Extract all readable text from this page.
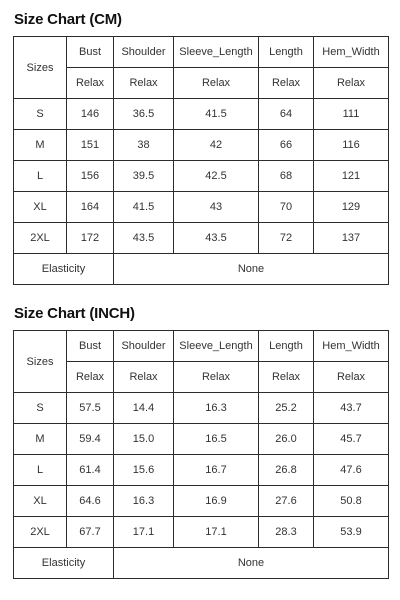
Size Chart (CM)
Sizes	Bust	Shoulder	Sleeve_Length	Length	Hem_Width
	Relax	Relax	Relax	Relax	Relax
S	146	36.5	41.5	64	111
M	151	38	42	66	116
L	156	39.5	42.5	68	121
XL	164	41.5	43	70	129
2XL	172	43.5	43.5	72	137
Elasticity		None			
Size Chart (INCH)
Sizes	Bust	Shoulder	Sleeve_Length	Length	Hem_Width
	Relax	Relax	Relax	Relax	Relax
S	57.5	14.4	16.3	25.2	43.7
M	59.4	15.0	16.5	26.0	45.7
L	61.4	15.6	16.7	26.8	47.6
XL	64.6	16.3	16.9	27.6	50.8
2XL	67.7	17.1	17.1	28.3	53.9
Elasticity		None			
